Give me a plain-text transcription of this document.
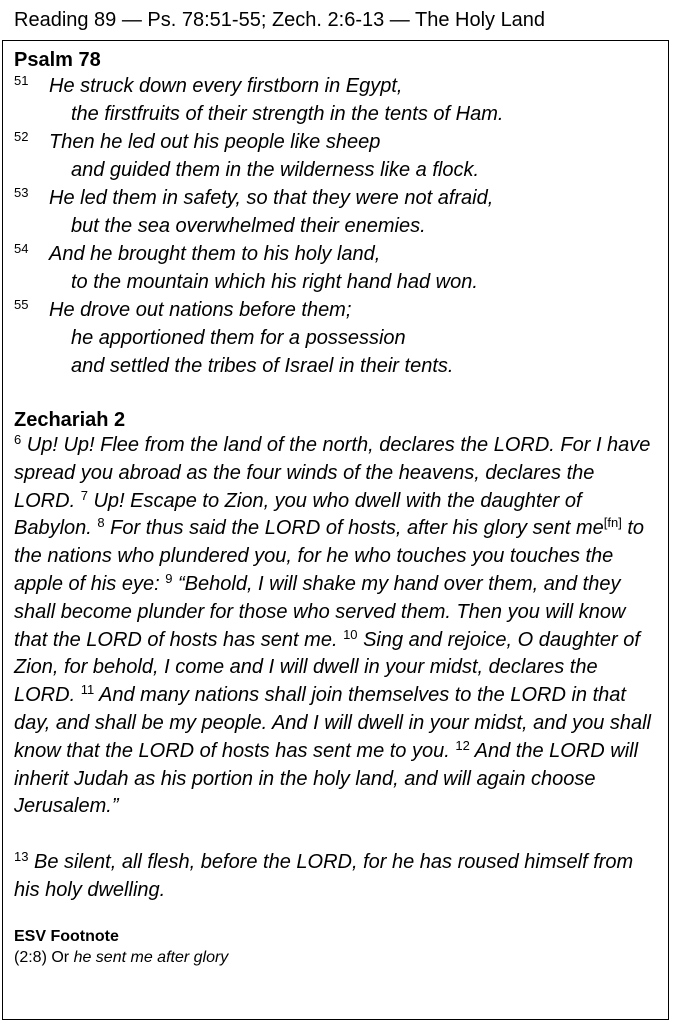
Reading 89 — Ps. 78:51-55; Zech. 2:6-13 — The Holy Land
Psalm 78
51 He struck down every firstborn in Egypt,
the firstfruits of their strength in the tents of Ham.
52 Then he led out his people like sheep
and guided them in the wilderness like a flock.
53 He led them in safety, so that they were not afraid,
but the sea overwhelmed their enemies.
54 And he brought them to his holy land,
to the mountain which his right hand had won.
55 He drove out nations before them;
he apportioned them for a possession
and settled the tribes of Israel in their tents.
Zechariah 2
$^6$ Up! Up! Flee from the land of the north, declares the LORD. For I have spread you abroad as the four winds of the heavens, declares the LORD. $^7$ Up! Escape to Zion, you who dwell with the daughter of Babylon. $^8$ For thus said the LORD of hosts, after his glory sent me[fn] to the nations who plundered you, for he who touches you touches the apple of his eye: $^9$ “Behold, I will shake my hand over them, and they shall become plunder for those who served them. Then you will know that the LORD of hosts has sent me. $^{10}$ Sing and rejoice, O daughter of Zion, for behold, I come and I will dwell in your midst, declares the LORD. $^{11}$ And many nations shall join themselves to the LORD in that day, and shall be my people. And I will dwell in your midst, and you shall know that the LORD of hosts has sent me to you. $^{12}$ And the LORD will inherit Judah as his portion in the holy land, and will again choose Jerusalem.”
$^{13}$ Be silent, all flesh, before the LORD, for he has roused himself from his holy dwelling.
ESV Footnote
(2:8) Or he sent me after glory
